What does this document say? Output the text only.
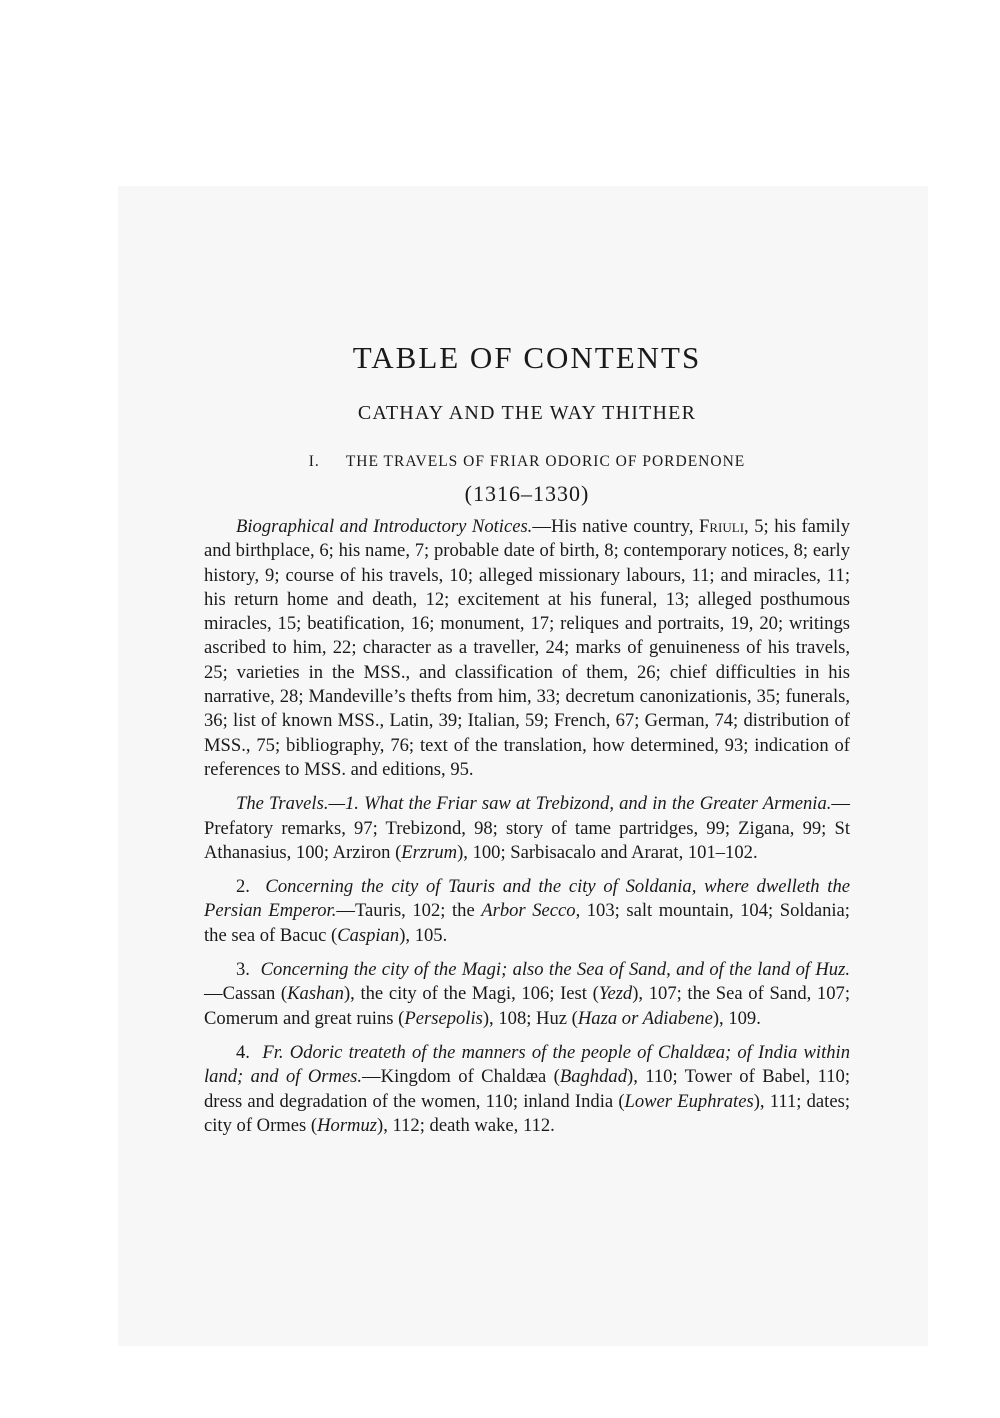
TABLE OF CONTENTS
CATHAY AND THE WAY THITHER
I. THE TRAVELS OF FRIAR ODORIC OF PORDENONE
(1316–1330)

Biographical and Introductory Notices.—His native country, Friuli, 5; his family and birthplace, 6; his name, 7; probable date of birth, 8; contemporary notices, 8; early history, 9; course of his travels, 10; alleged missionary labours, 11; and miracles, 11; his return home and death, 12; excitement at his funeral, 13; alleged posthumous miracles, 15; beatification, 16; monument, 17; reliques and portraits, 19, 20; writings ascribed to him, 22; character as a traveller, 24; marks of genuineness of his travels, 25; varieties in the MSS., and classification of them, 26; chief difficulties in his narrative, 28; Mandeville’s thefts from him, 33; decretum canonizationis, 35; funerals, 36; list of known MSS., Latin, 39; Italian, 59; French, 67; German, 74; distribution of MSS., 75; bibliography, 76; text of the translation, how determined, 93; indication of references to MSS. and editions, 95.

The Travels.—1. What the Friar saw at Trebizond, and in the Greater Armenia.—Prefatory remarks, 97; Trebizond, 98; story of tame partridges, 99; Zigana, 99; St Athanasius, 100; Arziron (Erzrum), 100; Sarbisacalo and Ararat, 101–102.

2. Concerning the city of Tauris and the city of Soldania, where dwelleth the Persian Emperor.—Tauris, 102; the Arbor Secco, 103; salt mountain, 104; Soldania; the sea of Bacuc (Caspian), 105.

3. Concerning the city of the Magi; also the Sea of Sand, and of the land of Huz.—Cassan (Kashan), the city of the Magi, 106; Iest (Yezd), 107; the Sea of Sand, 107; Comerum and great ruins (Persepolis), 108; Huz (Haza or Adiabene), 109.

4. Fr. Odoric treateth of the manners of the people of Chaldæa; of India within land; and of Ormes.—Kingdom of Chaldæa (Baghdad), 110; Tower of Babel, 110; dress and degradation of the women, 110; inland India (Lower Euphrates), 111; dates; city of Ormes (Hormuz), 112; death wake, 112.
